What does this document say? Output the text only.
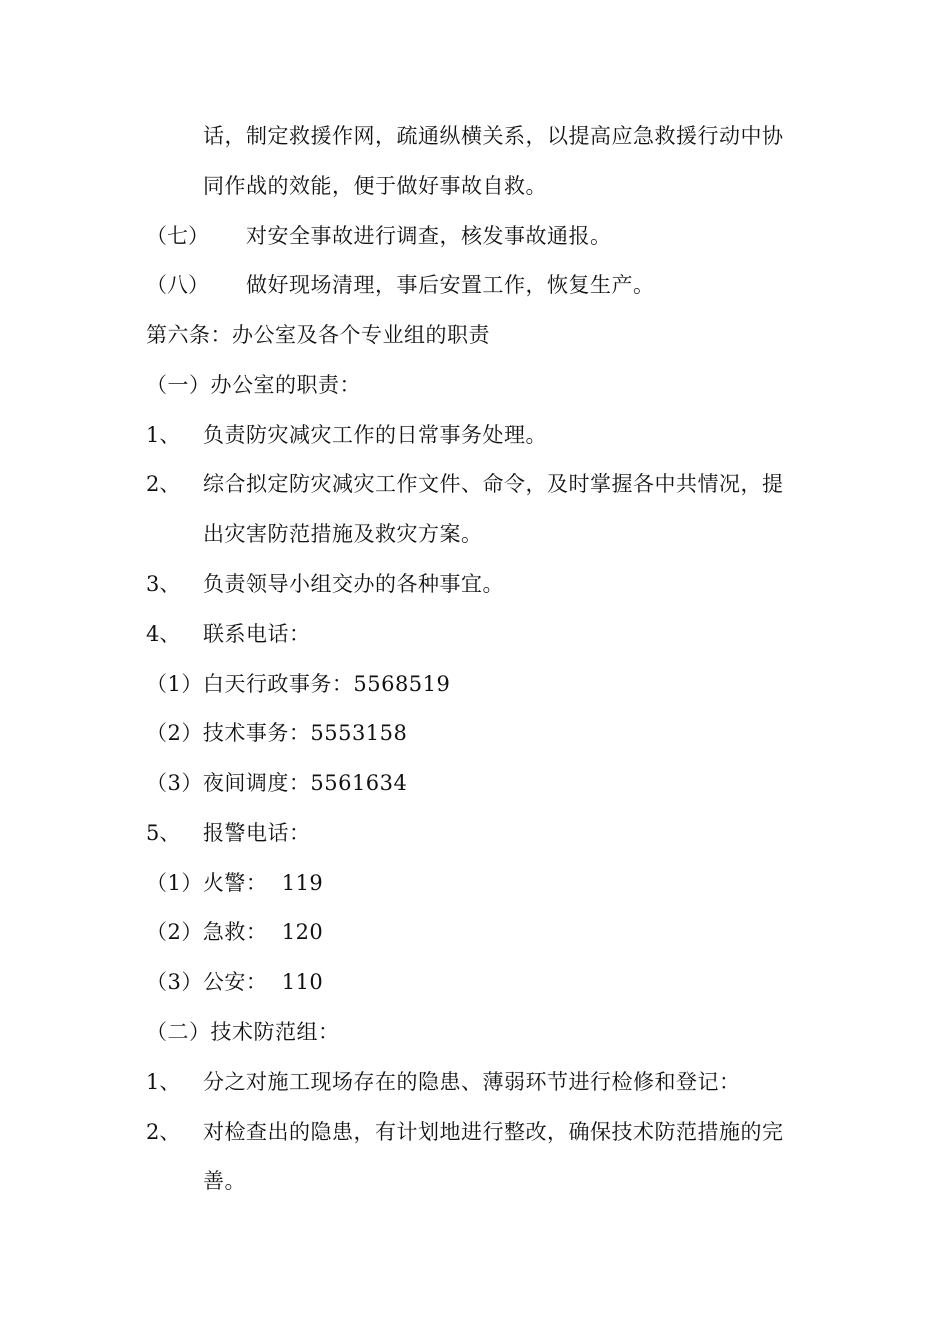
话，制定救援作网，疏通纵横关系，以提高应急救援行动中协
同作战的效能，便于做好事故自救。
（七） 对安全事故进行调查，核发事故通报。
（八） 做好现场清理，事后安置工作，恢复生产。
第六条：办公室及各个专业组的职责
（一）办公室的职责：
1、 负责防灾减灾工作的日常事务处理。
2、 综合拟定防灾减灾工作文件、命令，及时掌握各中共情况，提
出灾害防范措施及救灾方案。
3、 负责领导小组交办的各种事宜。
4、 联系电话：
（1）白天行政事务：5568519
（2）技术事务：5553158
（3）夜间调度：5561634
5、 报警电话：
（1）火警：  119
（2）急救：  120
（3）公安：  110
（二）技术防范组：
1、 分之对施工现场存在的隐患、薄弱环节进行检修和登记：
2、 对检查出的隐患，有计划地进行整改，确保技术防范措施的完
善。
